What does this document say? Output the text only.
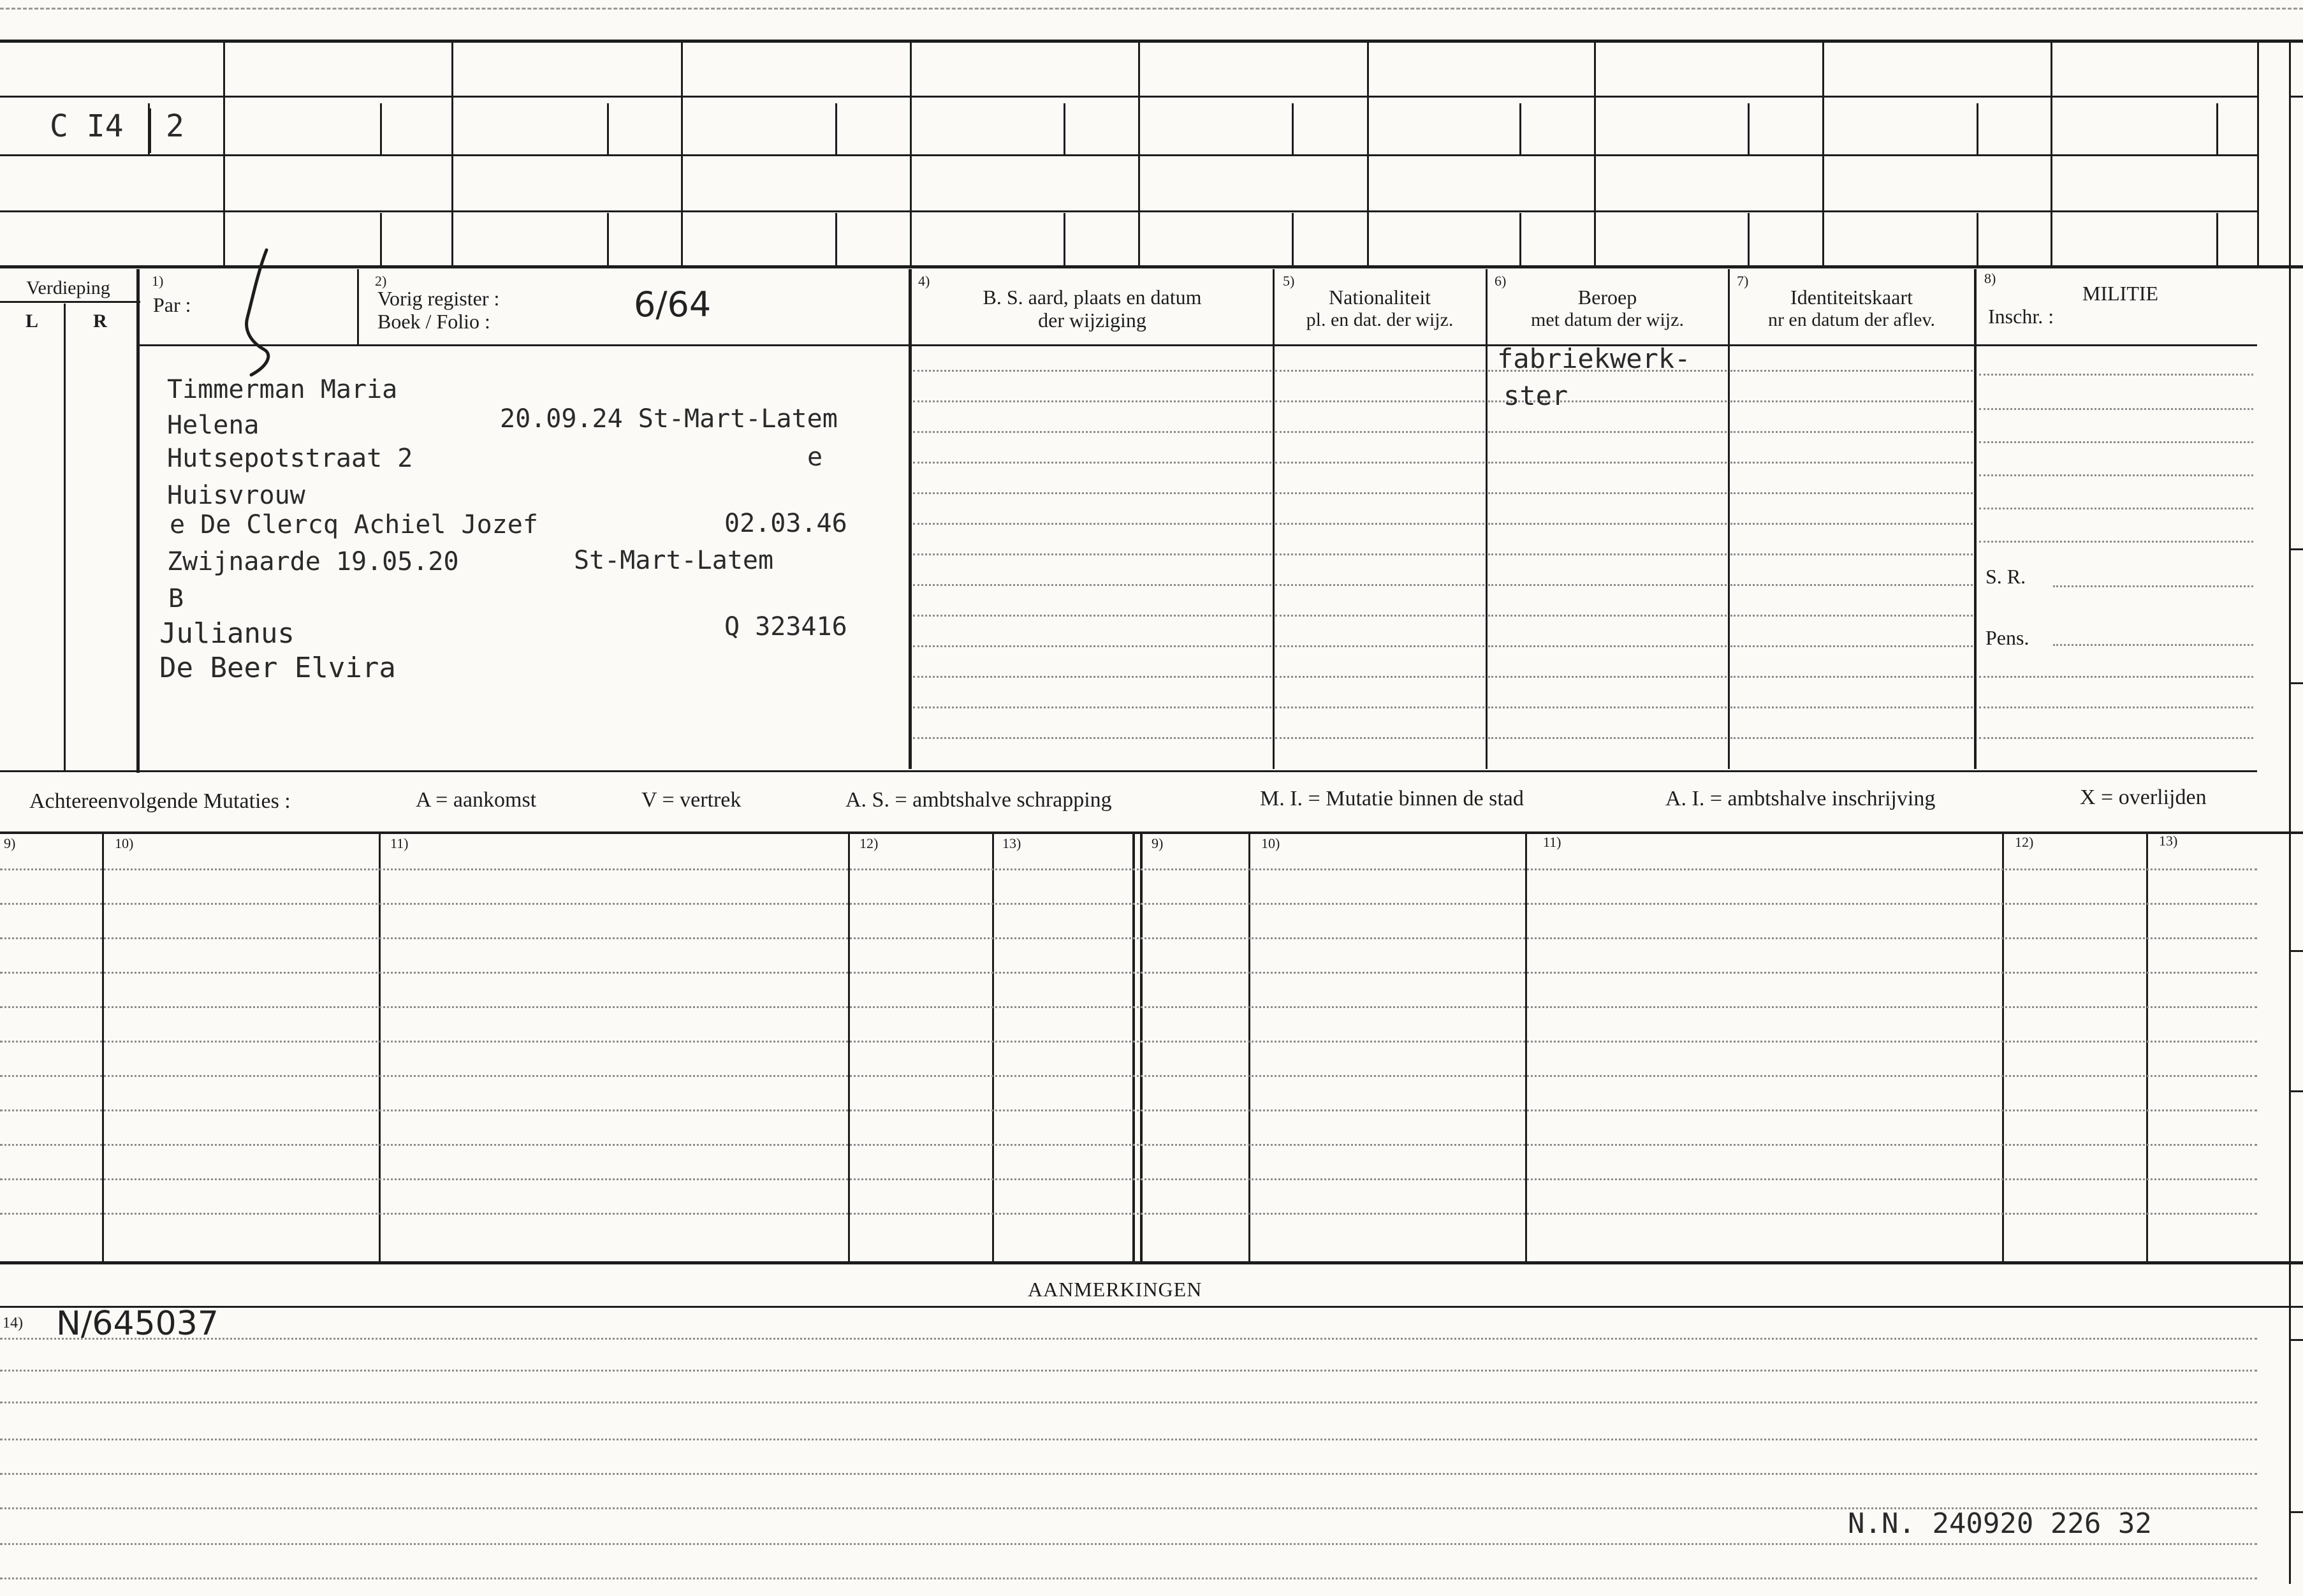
C I4 2
Verdieping
L	R
1)
Par :
2)
Vorig register :
Boek / Folio :	6/64
4)
B. S. aard, plaats en datum
der wijziging
5)
Nationaliteit
pl. en dat. der wijz.
6)
Beroep
met datum der wijz.
7)
Identiteitskaart
nr en datum der aflev.
8)
MILITIE
Inschr. :
Timmerman Maria
Helena	20.09.24 St-Mart-Latem
Hutsepotstraat 2	e
Huisvrouw
e De Clercq Achiel Jozef	02.03.46
Zwijnaarde 19.05.20	St-Mart-Latem
B
Julianus	Q 323416
De Beer Elvira
fabriekwerk-
ster
S. R.
Pens.
Achtereenvolgende Mutaties :	A = aankomst	V = vertrek	A. S. = ambtshalve schrapping	M. I. = Mutatie binnen de stad	A. I. = ambtshalve inschrijving	X = overlijden
9)	10)	11)	12)	13)	9)	10)	11)	12)	13)
AANMERKINGEN
14) N/645037
N.N. 240920 226 32
